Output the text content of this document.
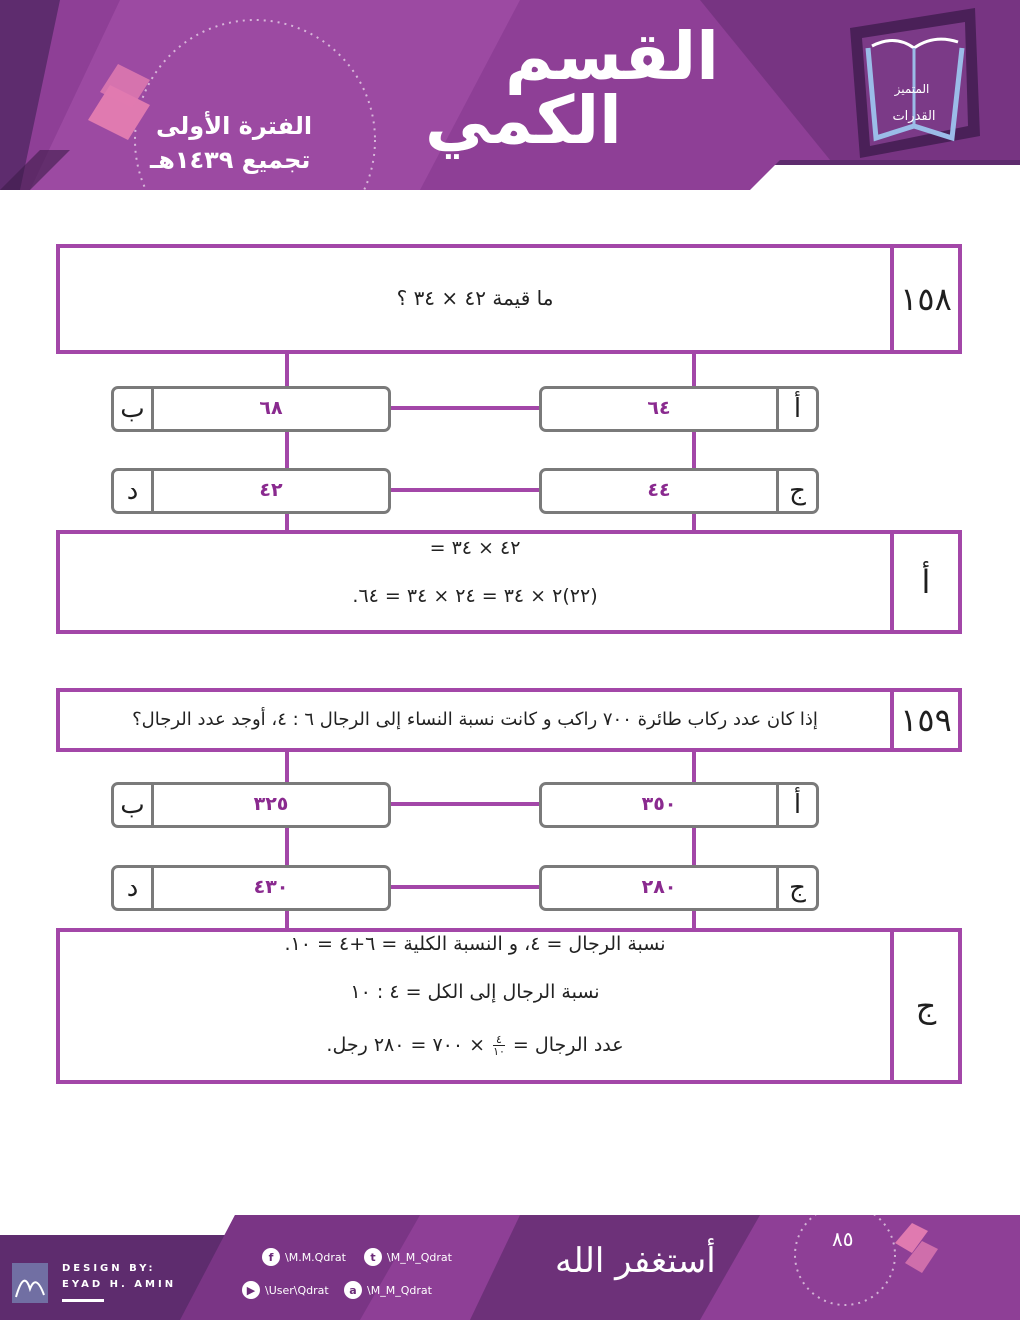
القسم
الكمي
الفترة الأولى
تجميع ١٤٣٩هـ
المتميز
القدرات
١٥٨
ما قيمة ٤٢ × ٣٤ ؟
أ
٦٤
ب	٦٨
ج
٤٤
د	٤٢
أ
٤٢ × ٣٤ =
(٢٢)٢ × ٣٤ = ٢٤ × ٣٤ = ٦٤.
١٥٩
إذا كان عدد ركاب طائرة ٧٠٠ راكب و كانت نسبة النساء إلى الرجال ٦ : ٤، أوجد عدد الرجال؟
أ
٣٥٠
ب	٣٢٥
ج
٢٨٠
د	٤٣٠
ج
نسبة الرجال = ٤، و النسبة الكلية = ٦+٤ = ١٠.
نسبة الرجال إلى الكل = ٤ : ١٠
عدد الرجال =
$\frac{٤}{١٠}$
× ٧٠٠ = ٢٨٠ رجل.
DESIGN BY:
EYAD H. AMIN
f	\M.M.Qdrat	t	\M_M_Qdrat
▶ \User\Qdrat	a \M_M_Qdrat
أستغفر الله
٨٥
